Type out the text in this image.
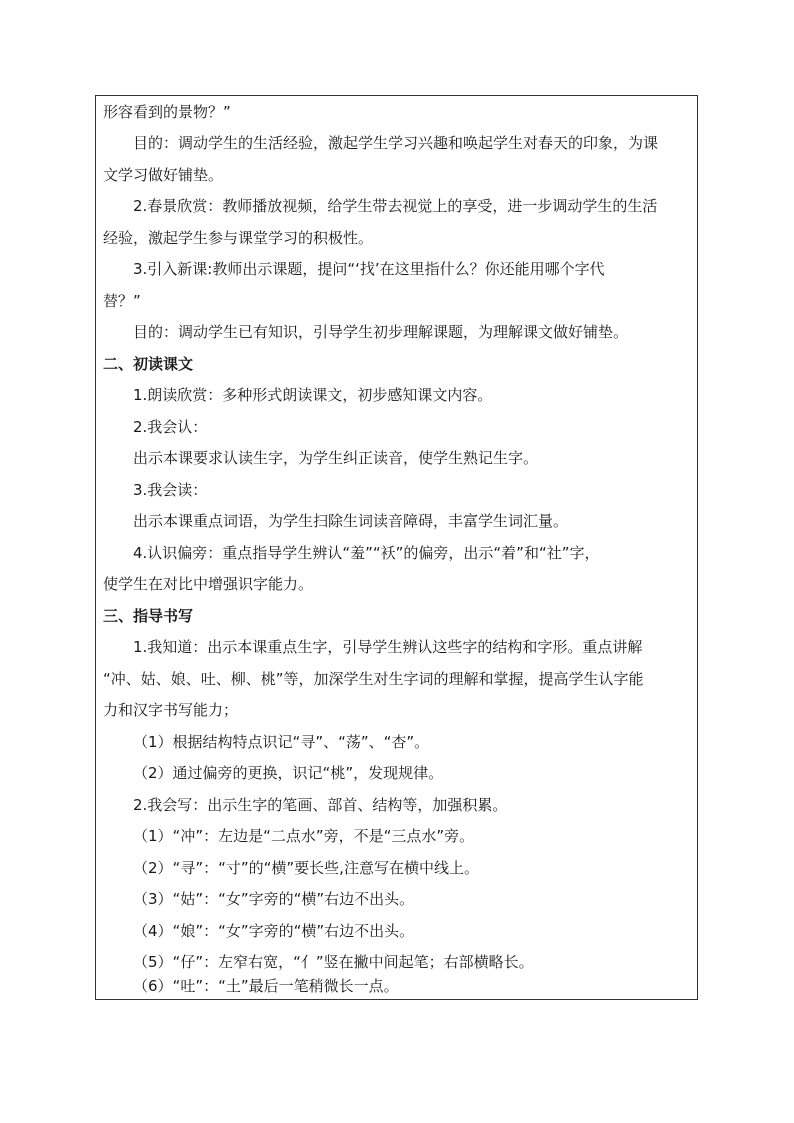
形容看到的景物？”
目的：调动学生的生活经验，激起学生学习兴趣和唤起学生对春天的印象，为课
文学习做好铺垫。
2.春景欣赏：教师播放视频，给学生带去视觉上的享受，进一步调动学生的生活
经验，激起学生参与课堂学习的积极性。
3.引入新课:教师出示课题，提问“‘找’在这里指什么？你还能用哪个字代
替？”
目的：调动学生已有知识，引导学生初步理解课题，为理解课文做好铺垫。
二、初读课文
1.朗读欣赏：多种形式朗读课文，初步感知课文内容。
2.我会认：
出示本课要求认读生字，为学生纠正读音，使学生熟记生字。
3.我会读：
出示本课重点词语，为学生扫除生词读音障碍，丰富学生词汇量。
4.认识偏旁：重点指导学生辨认“羞”“袄”的偏旁，出示“着”和“社”字，
使学生在对比中增强识字能力。
三、指导书写
1.我知道：出示本课重点生字，引导学生辨认这些字的结构和字形。重点讲解
“冲、姑、娘、吐、柳、桃”等，加深学生对生字词的理解和掌握，提高学生认字能
力和汉字书写能力；
（1）根据结构特点识记“寻”、“荡”、“杏”。
（2）通过偏旁的更换，识记“桃”，发现规律。
2.我会写：出示生字的笔画、部首、结构等，加强积累。
（1）“冲”：左边是“二点水”旁，不是“三点水”旁。
（2）“寻”：“寸”的“横”要长些,注意写在横中线上。
（3）“姑”：“女”字旁的“横”右边不出头。
（4）“娘”：“女”字旁的“横”右边不出头。
（5）“仔”：左窄右宽，“亻”竖在撇中间起笔；右部横略长。
（6）“吐”：“土”最后一笔稍微长一点。
